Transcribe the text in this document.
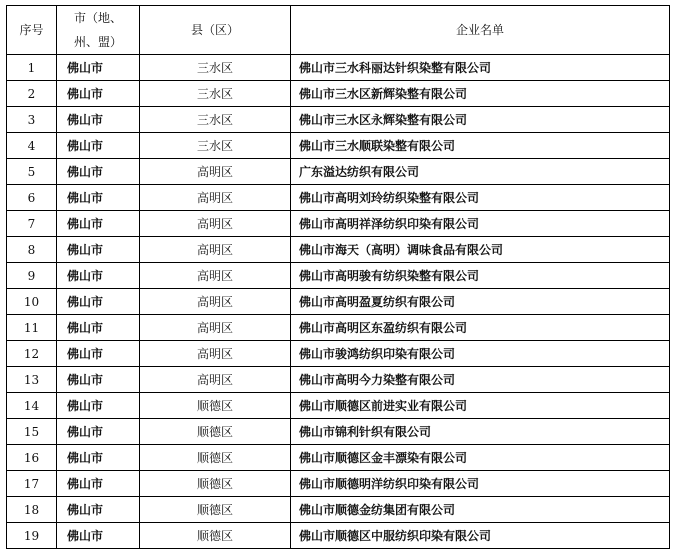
序号	市（地、州、盟）	县（区）	企业名单
1	佛山市	三水区	佛山市三水科丽达针织染整有限公司
2	佛山市	三水区	佛山市三水区新辉染整有限公司
3	佛山市	三水区	佛山市三水区永辉染整有限公司
4	佛山市	三水区	佛山市三水顺联染整有限公司
5	佛山市	高明区	广东溢达纺织有限公司
6	佛山市	高明区	佛山市高明刘玲纺织染整有限公司
7	佛山市	高明区	佛山市高明祥泽纺织印染有限公司
8	佛山市	高明区	佛山市海天（高明）调味食品有限公司
9	佛山市	高明区	佛山市高明骏有纺织染整有限公司
10	佛山市	高明区	佛山市高明盈夏纺织有限公司
11	佛山市	高明区	佛山市高明区东盈纺织有限公司
12	佛山市	高明区	佛山市骏鸿纺织印染有限公司
13	佛山市	高明区	佛山市高明今力染整有限公司
14	佛山市	顺德区	佛山市顺德区前进实业有限公司
15	佛山市	顺德区	佛山市锦利针织有限公司
16	佛山市	顺德区	佛山市顺德区金丰漂染有限公司
17	佛山市	顺德区	佛山市顺德明洋纺织印染有限公司
18	佛山市	顺德区	佛山市顺德金纺集团有限公司
19	佛山市	顺德区	佛山市顺德区中服纺织印染有限公司
